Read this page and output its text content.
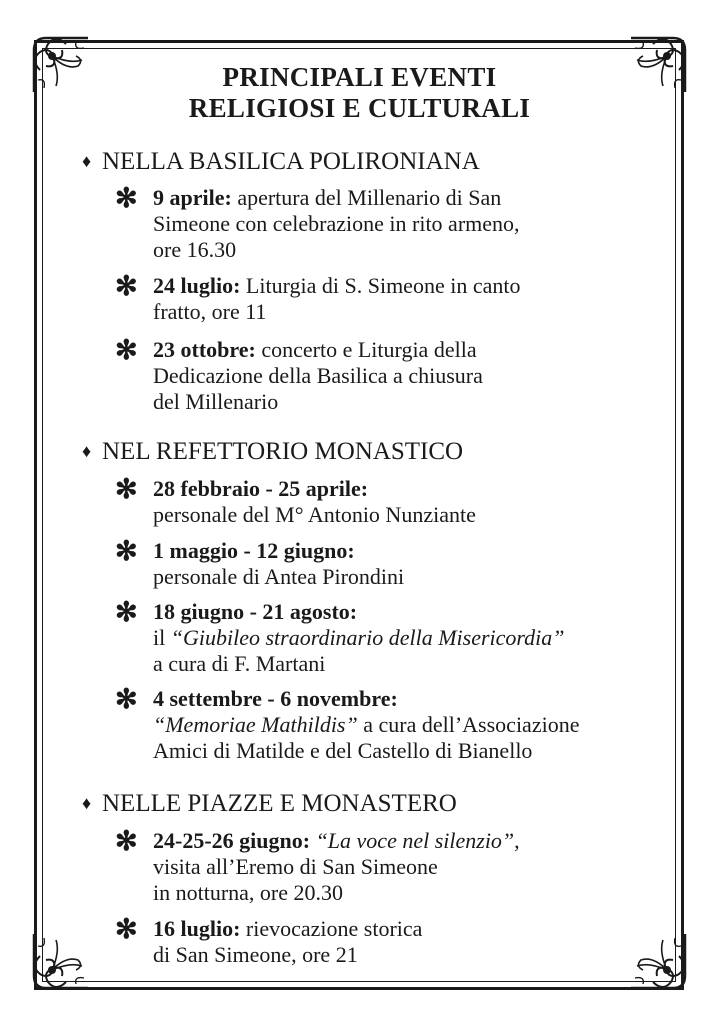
PRINCIPALI EVENTI
RELIGIOSI E CULTURALI
♦ NELLA BASILICA POLIRONIANA
✻ 9 aprile: apertura del Millenario di San
Simeone con celebrazione in rito armeno,
ore 16.30
✻ 24 luglio: Liturgia di S. Simeone in canto
fratto, ore 11
✻ 23 ottobre: concerto e Liturgia della
Dedicazione della Basilica a chiusura
del Millenario
♦ NEL REFETTORIO MONASTICO
✻ 28 febbraio - 25 aprile:
personale del M° Antonio Nunziante
✻ 1 maggio - 12 giugno:
personale di Antea Pirondini
✻ 18 giugno - 21 agosto:
il “Giubileo straordinario della Misericordia”
a cura di F. Martani
✻ 4 settembre - 6 novembre:
“Memoriae Mathildis” a cura dell’Associazione
Amici di Matilde e del Castello di Bianello
♦ NELLE PIAZZE E MONASTERO
✻ 24-25-26 giugno: “La voce nel silenzio”,
visita all’Eremo di San Simeone
in notturna, ore 20.30
✻ 16 luglio: rievocazione storica
di San Simeone, ore 21
